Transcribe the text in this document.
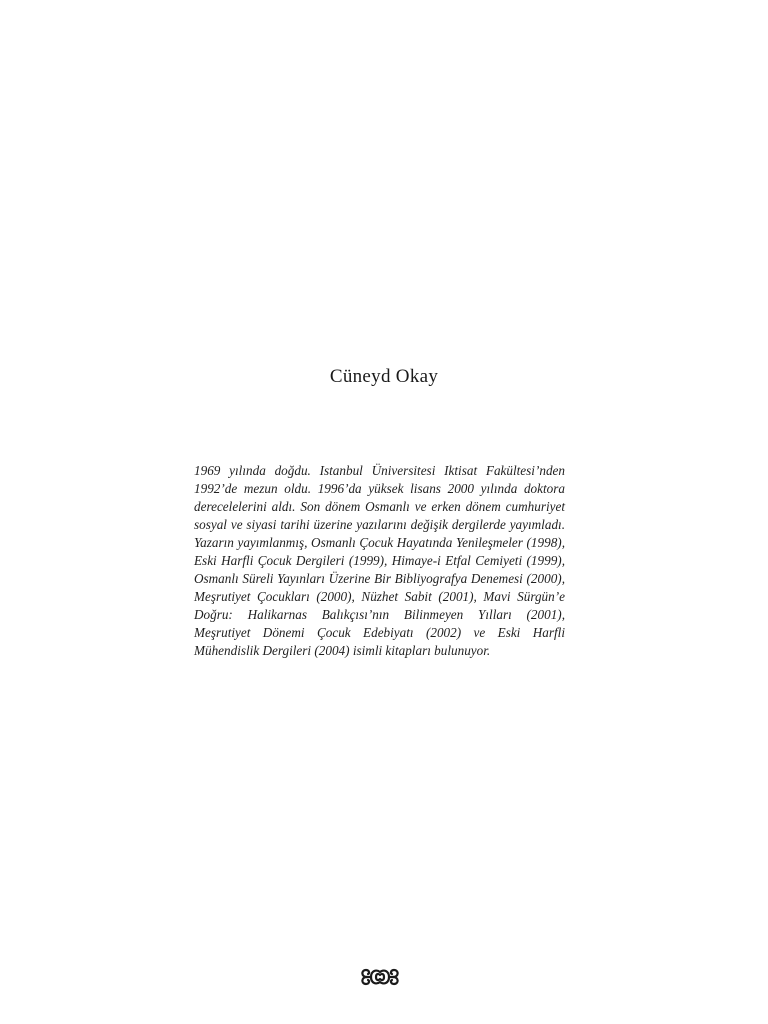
Cüneyd Okay

1969 yılında doğdu. Istanbul Üniversitesi Iktisat Fakültesi’nden 1992’de mezun oldu. 1996’da yüksek lisans 2000 yılında doktora derecelelerini aldı. Son dönem Osmanlı ve erken dönem cumhuriyet sosyal ve siyasi tarihi üzerine yazılarını değişik dergilerde yayımladı. Yazarın yayımlanmış, Osmanlı Çocuk Hayatında Yenileşmeler (1998), Eski Harfli Çocuk Dergileri (1999), Himaye-i Etfal Cemiyeti (1999), Osmanlı Süreli Yayınları Üzerine Bir Bibliyografya Denemesi (2000), Meşrutiyet Çocukları (2000), Nüzhet Sabit (2001), Mavi Sürgün’e Doğru: Halikarnas Balıkçısı’nın Bilinmeyen Yılları (2001), Meşrutiyet Dönemi Çocuk Edebiyatı (2002) ve Eski Harfli Mühendislik Dergileri (2004) isimli kitapları bulunuyor.
